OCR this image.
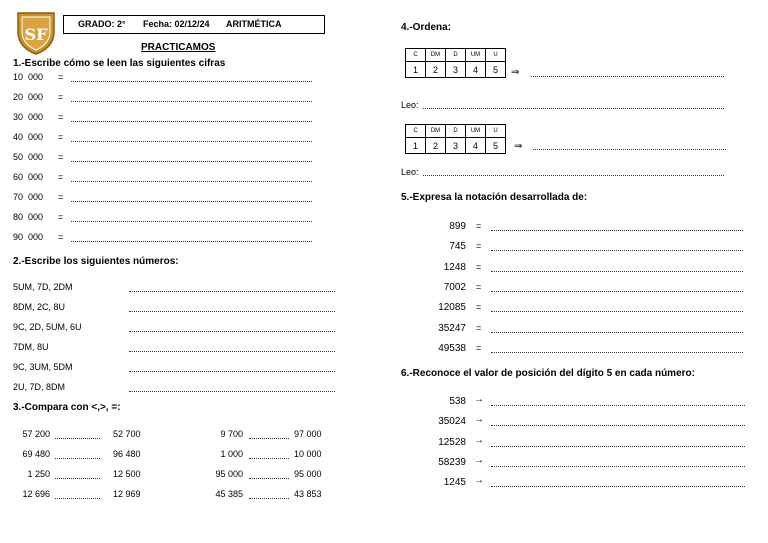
SF
GRADO: 2° Fecha: 02/12/24 ARITMÉTICA
PRACTICAMOS
1.-Escribe cómo se leen las siguientes cifras
10  000 =
20  000 =
30  000 =
40  000 =
50  000 =
60  000 =
70  000 =
80  000 =
90  000 =
2.-Escribe los siguientes números:
5UM, 7D, 2DM
8DM, 2C, 8U
9C, 2D, 5UM, 6U
7DM, 8U
9C, 3UM, 5DM
2U, 7D, 8DM
3.-Compara con <,>, =:
57 200	52 700	9 700	97 000
69 480	96 480	1 000	10 000
1 250	12 500	95 000	95 000
12 696	12 969	45 385	43 853
4.-Ordena:
C	DM	D	UM	U
1	2	3	4	5 ⇒
Leo:
C	DM	D	UM	U
1	2	3	4	5 ⇒
Leo:
5.-Expresa la notación desarrollada de:
899 =
745 =
1248 =
7002 =
12085 =
35247 =
49538 =
6.-Reconoce el valor de posición del dígito 5 en cada número:
538 →
35024 →
12528 →
58239 →
1245 →
